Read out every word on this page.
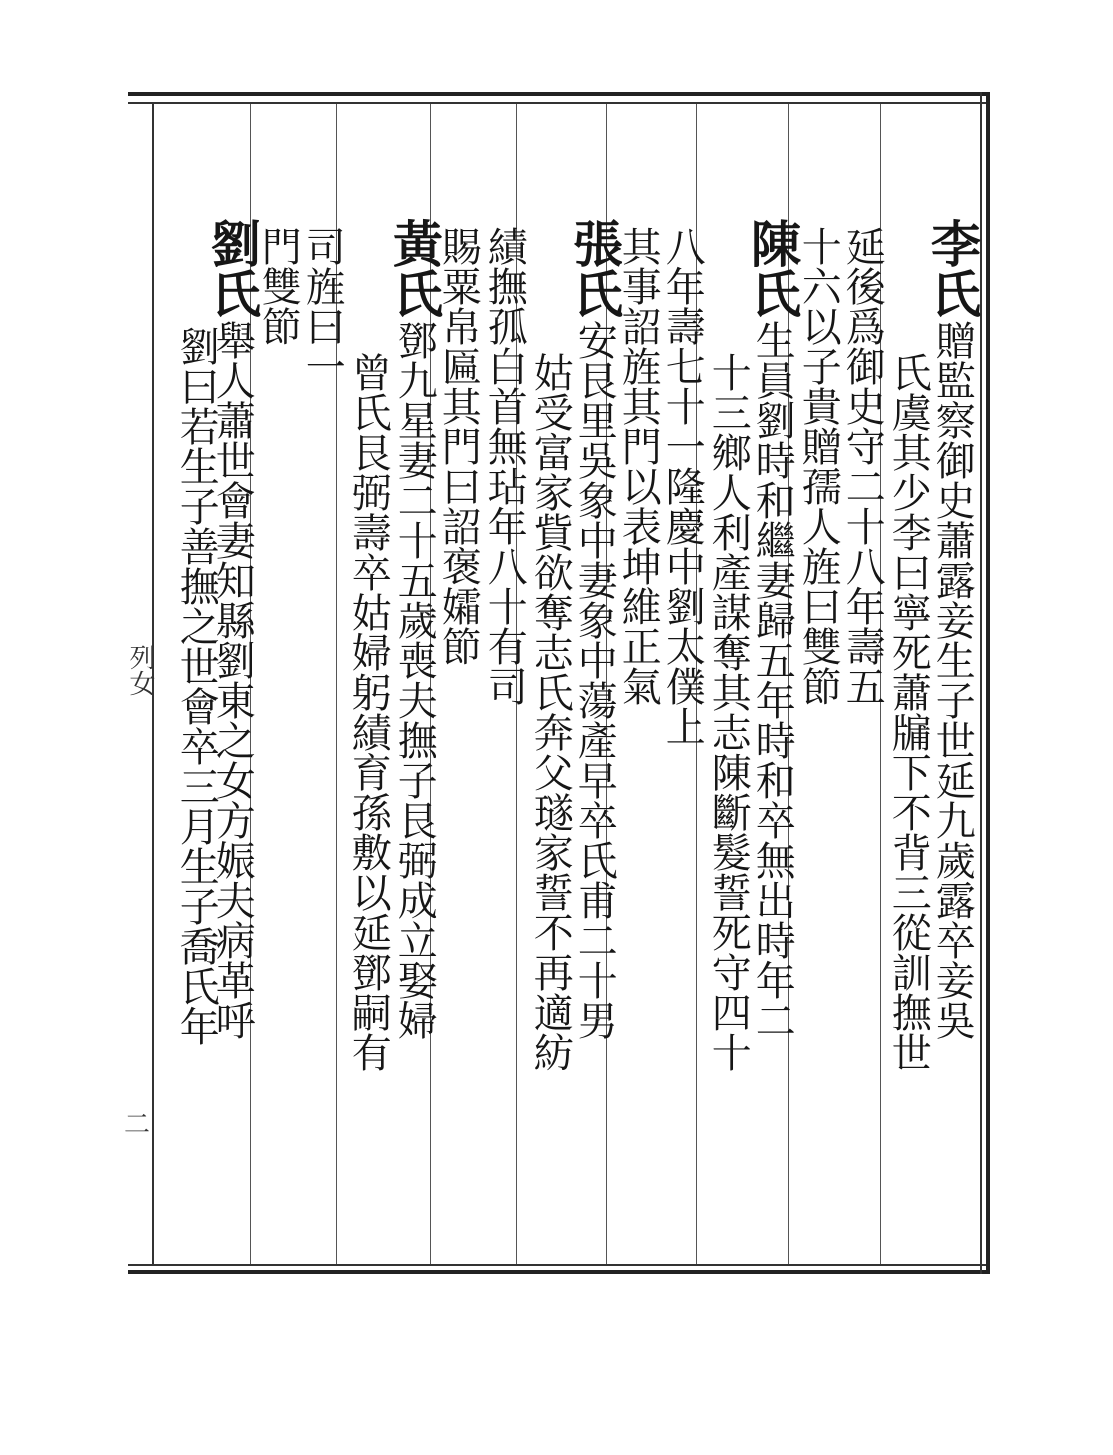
列女
二
李氏
贈監察御史蕭露妾生子世延九歲露卒妾吳
氏虞其少李曰寧死蕭牖下不背三從訓撫世
延後爲御史守二十八年壽五
十六以子貴贈孺人旌曰雙節
陳氏
生員劉時和繼妻歸五年時和卒無出時年二
十三鄉人利產謀奪其志陳斷髮誓死守四十
八年壽七十一隆慶中劉太僕上
其事詔旌其門以表坤維正氣
張氏
安艮里吳象中妻象中蕩產早卒氏甫二十男
姑受富家貲欲奪志氏奔父璲家誓不再適紡
績撫孤白首無玷年八十有司
賜粟帛匾其門曰詔褒孀節
黃氏
鄧九星妻二十五歲喪夫撫子艮弼成立娶婦
曾氏艮弼壽卒姑婦躬績育孫敷以延鄧嗣有
司旌曰一
門雙節
劉氏
舉人蕭世會妻知縣劉東之女方娠夫病革呼
劉曰若生子善撫之世會卒三月生子喬氏年
